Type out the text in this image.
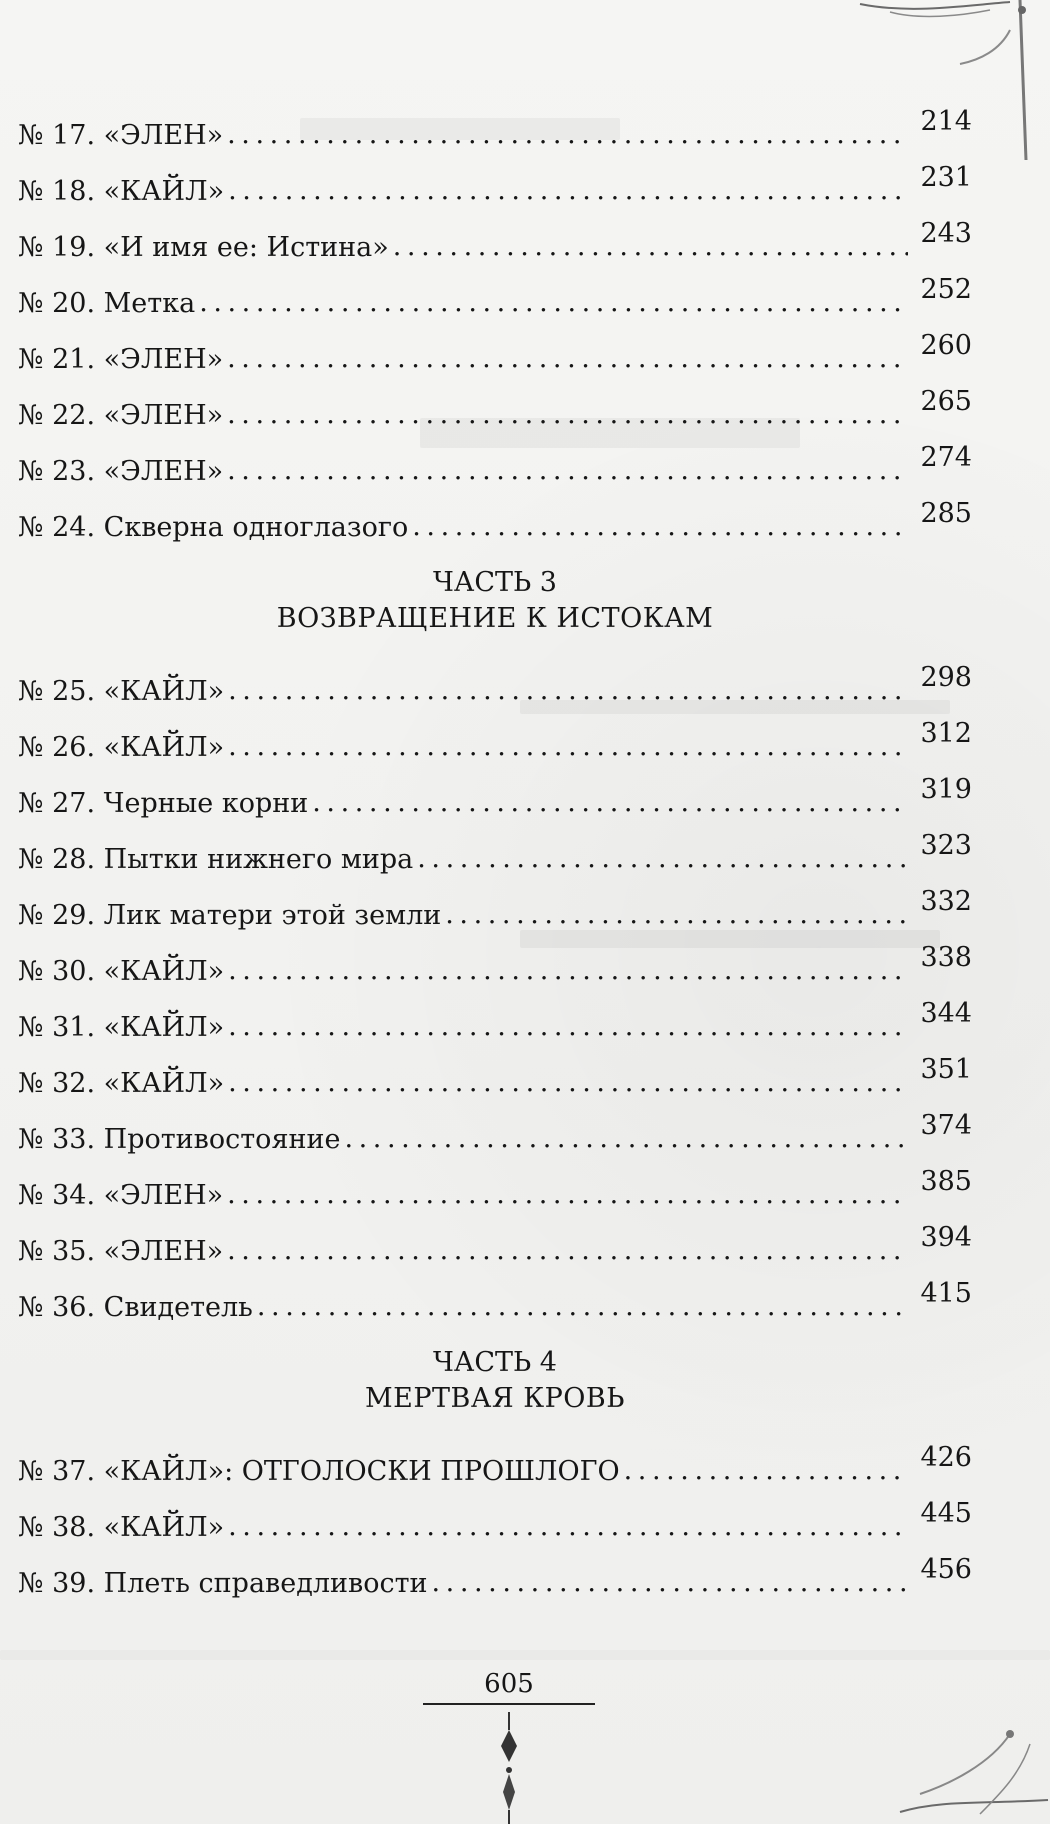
№ 17. «ЭЛЕН» . . .	214
№ 18. «КАЙЛ» . . .	231
№ 19. «И имя ее: Истина» . . .	243
№ 20. Метка . . .	252
№ 21. «ЭЛЕН» . . .	260
№ 22. «ЭЛЕН» . . .	265
№ 23. «ЭЛЕН» . . .	274
№ 24. Скверна одноглазого . . .	285
ЧАСТЬ 3
ВОЗВРАЩЕНИЕ К ИСТОКАМ
№ 25. «КАЙЛ» . . .	298
№ 26. «КАЙЛ» . . .	312
№ 27. Черные корни . . .	319
№ 28. Пытки нижнего мира . . .	323
№ 29. Лик матери этой земли . . .	332
№ 30. «КАЙЛ» . . .	338
№ 31. «КАЙЛ» . . .	344
№ 32. «КАЙЛ» . . .	351
№ 33. Противостояние . . .	374
№ 34. «ЭЛЕН» . . .	385
№ 35. «ЭЛЕН» . . .	394
№ 36. Свидетель . . .	415
ЧАСТЬ 4
МЕРТВАЯ КРОВЬ
№ 37. «КАЙЛ»: ОТГОЛОСКИ ПРОШЛОГО . . .	426
№ 38. «КАЙЛ» . . .	445
№ 39. Плеть справедливости . . .	456
605
